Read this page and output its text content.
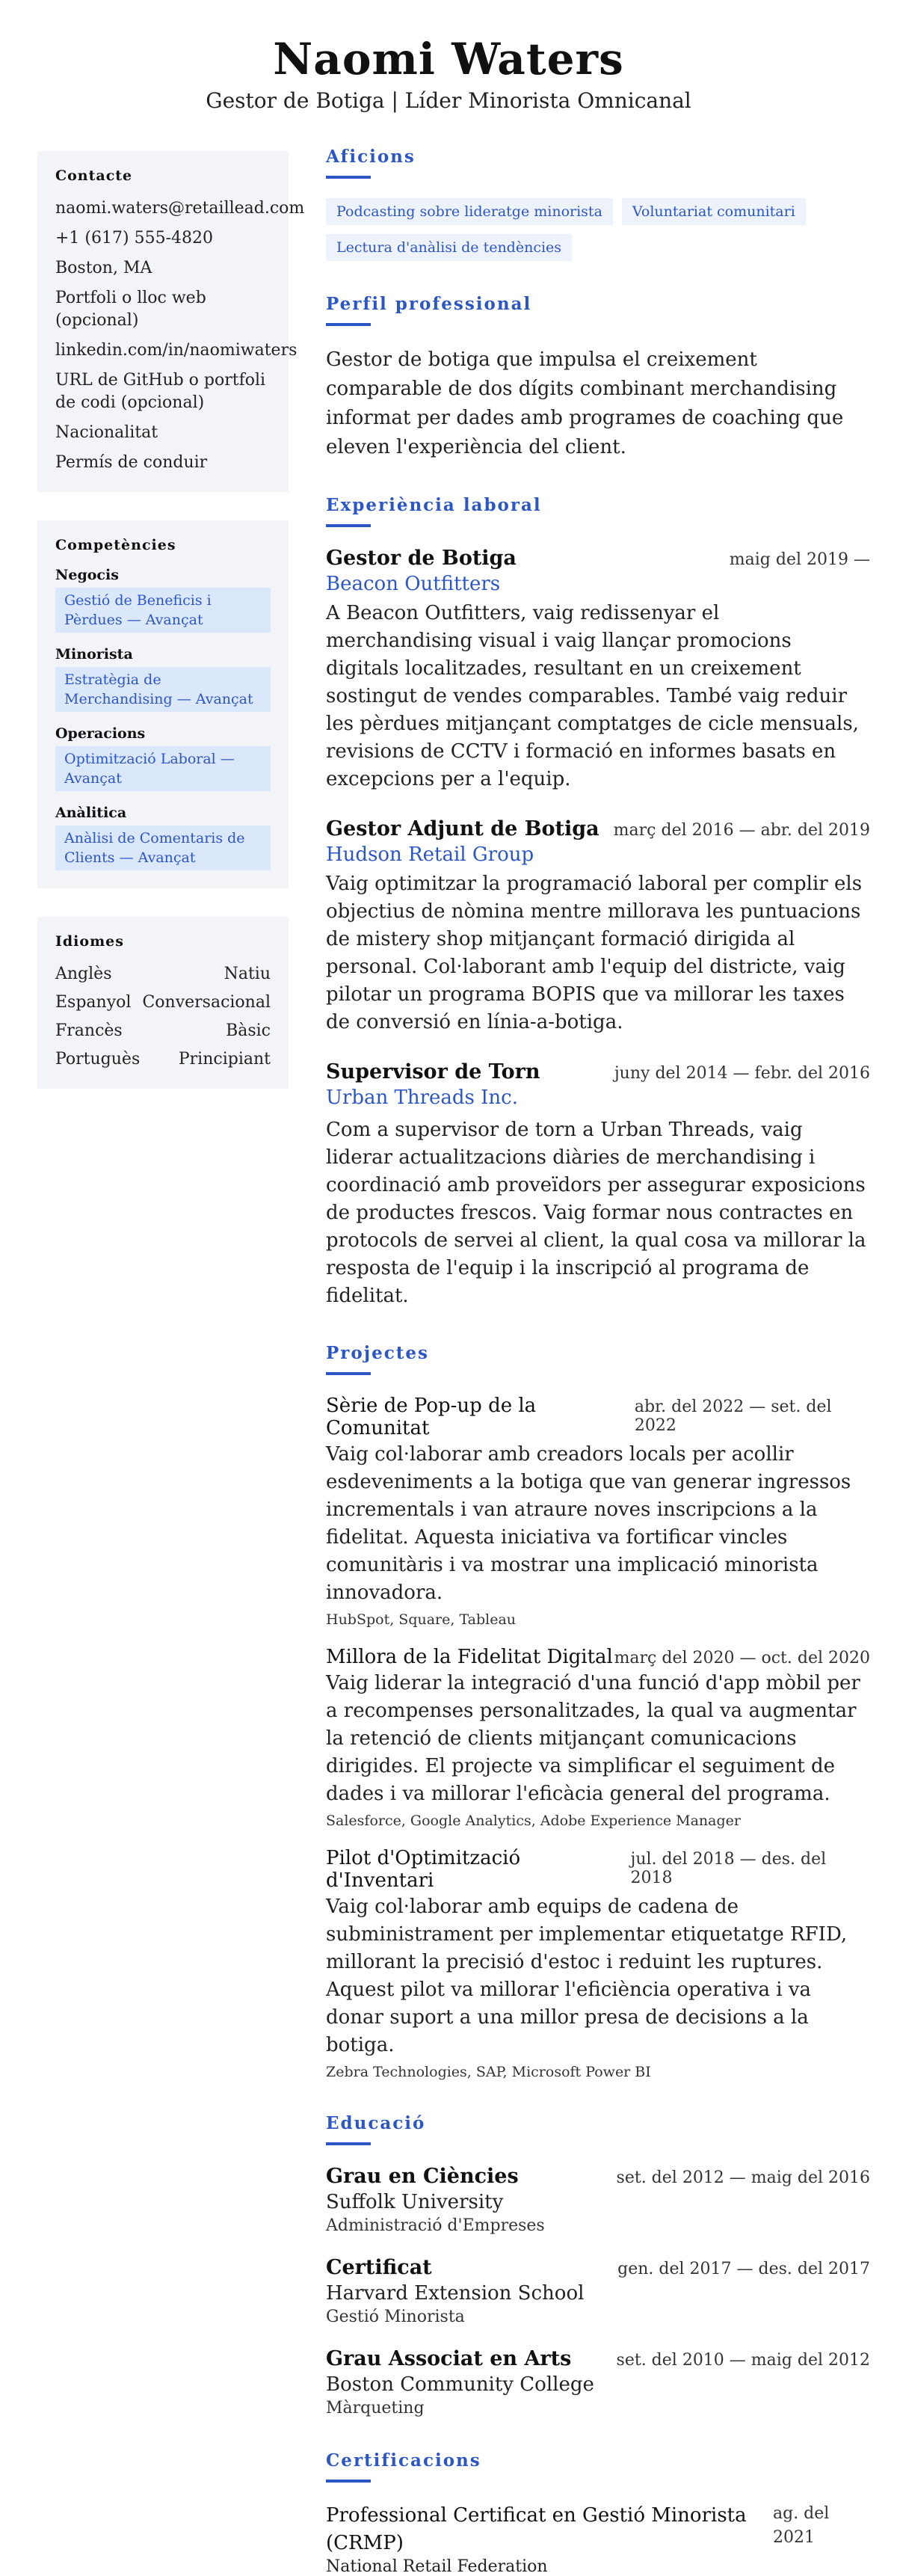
Naomi Waters
Gestor de Botiga | Líder Minorista Omnicanal
Contacte
naomi.waters@retaillead.com
+1 (617) 555-4820
Boston, MA
Portfoli o lloc web (opcional)
linkedin.com/in/naomiwaters
URL de GitHub o portfoli de codi (opcional)
Nacionalitat
Permís de conduir
Competències
Negocis
Gestió de Beneficis i Pèrdues — Avançat
Minorista
Estratègia de Merchandising — Avançat
Operacions
Optimització Laboral — Avançat
Anàlitica
Anàlisi de Comentaris de Clients — Avançat
Idiomes
Anglès	Natiu
Espanyol Conversacional
Francès	Bàsic
Portuguès Principiant
Aficions
Podcasting sobre lideratge minorista	Voluntariat comunitari
Lectura d'anàlisi de tendències
Perfil professional
Gestor de botiga que impulsa el creixement comparable de dos dígits combinant merchandising informat per dades amb programes de coaching que eleven l'experiència del client.
Experiència laboral
Gestor de Botiga	maig del 2019 —
Beacon Outfitters
A Beacon Outfitters, vaig redissenyar el merchandising visual i vaig llançar promocions digitals localitzades, resultant en un creixement sostingut de vendes comparables. També vaig reduir les pèrdues mitjançant comptatges de cicle mensuals, revisions de CCTV i formació en informes basats en excepcions per a l'equip.
Gestor Adjunt de Botiga març del 2016 — abr. del 2019
Hudson Retail Group
Vaig optimitzar la programació laboral per complir els objectius de nòmina mentre millorava les puntuacions de mistery shop mitjançant formació dirigida al personal. Col·laborant amb l'equip del districte, vaig pilotar un programa BOPIS que va millorar les taxes de conversió en línia-a-botiga.
Supervisor de Torn	juny del 2014 — febr. del 2016
Urban Threads Inc.
Com a supervisor de torn a Urban Threads, vaig liderar actualitzacions diàries de merchandising i coordinació amb proveïdors per assegurar exposicions de productes frescos. Vaig formar nous contractes en protocols de servei al client, la qual cosa va millorar la resposta de l'equip i la inscripció al programa de fidelitat.
Projectes
Sèrie de Pop-up de la Comunitat
abr. del 2022 — set. del 2022
Vaig col·laborar amb creadors locals per acollir esdeveniments a la botiga que van generar ingressos incrementals i van atraure noves inscripcions a la fidelitat. Aquesta iniciativa va fortificar vincles comunitàris i va mostrar una implicació minorista innovadora.
HubSpot, Square, Tableau
Millora de la Fidelitat Digital març del 2020 — oct. del 2020
Vaig liderar la integració d'una funció d'app mòbil per a recompenses personalitzades, la qual va augmentar la retenció de clients mitjançant comunicacions dirigides. El projecte va simplificar el seguiment de dades i va millorar l'eficàcia general del programa.
Salesforce, Google Analytics, Adobe Experience Manager
Pilot d'Optimització d'Inventari
jul. del 2018 — des. del 2018
Vaig col·laborar amb equips de cadena de subministrament per implementar etiquetatge RFID, millorant la precisió d'estoc i reduint les ruptures. Aquest pilot va millorar l'eficiència operativa i va donar suport a una millor presa de decisions a la botiga.
Zebra Technologies, SAP, Microsoft Power BI
Educació
Grau en Ciències	set. del 2012 — maig del 2016
Suffolk University
Administració d'Empreses
Certificat	gen. del 2017 — des. del 2017
Harvard Extension School
Gestió Minorista
Grau Associat en Arts	set. del 2010 — maig del 2012
Boston Community College
Màrqueting
Certificacions
Professional Certificat en Gestió Minorista (CRMP)
ag. del 2021
National Retail Federation
